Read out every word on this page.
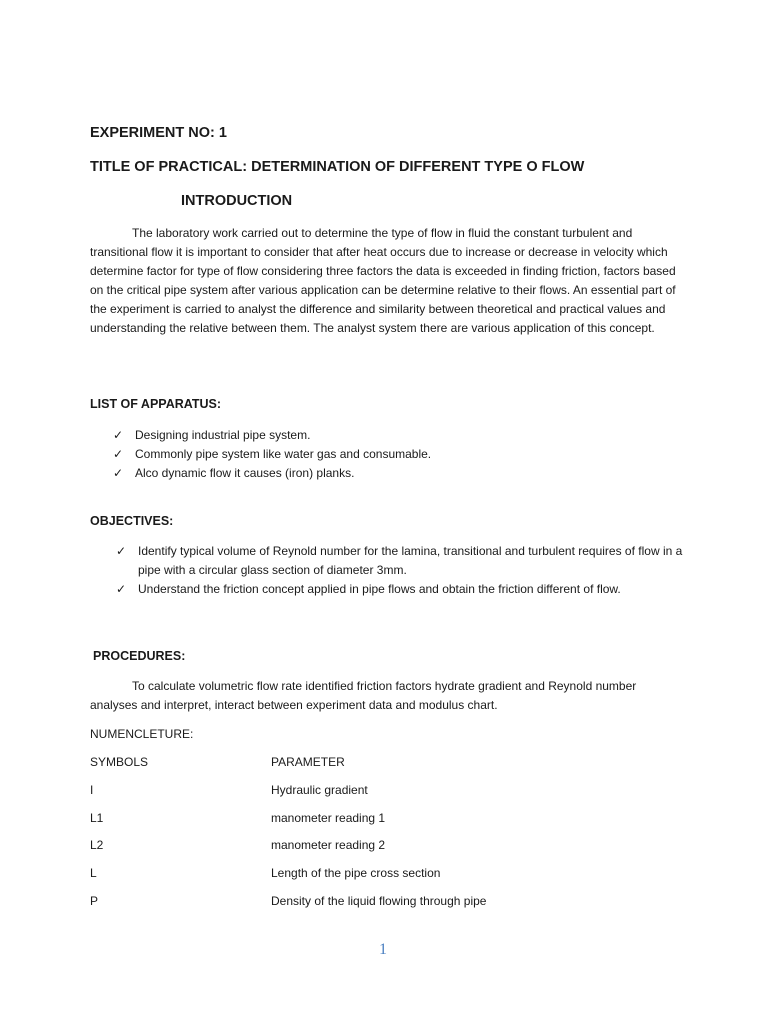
EXPERIMENT NO: 1
TITLE OF PRACTICAL: DETERMINATION OF DIFFERENT TYPE O FLOW
INTRODUCTION
The laboratory work carried out to determine the type of flow in fluid the constant turbulent and transitional flow it is important to consider that after heat occurs due to increase or decrease in velocity which determine factor for type of flow considering three factors the data is exceeded in finding friction, factors based on the critical pipe system after various application can be determine relative to their flows. An essential part of the experiment is carried to analyst the difference and similarity between theoretical and practical values and understanding the relative between them. The analyst system there are various application of this concept.
LIST OF APPARATUS:
✓ Designing industrial pipe system.
✓ Commonly pipe system like water gas and consumable.
✓ Alco dynamic flow it causes (iron) planks.
OBJECTIVES:
✓ Identify typical volume of Reynold number for the lamina, transitional and turbulent requires of flow in a pipe with a circular glass section of diameter 3mm.
✓ Understand the friction concept applied in pipe flows and obtain the friction different of flow.
PROCEDURES:
To calculate volumetric flow rate identified friction factors hydrate gradient and Reynold number analyses and interpret, interact between experiment data and modulus chart.
NUMENCLETURE:
SYMBOLS	PARAMETER
I	Hydraulic gradient
L1	manometer reading 1
L2	manometer reading 2
L	Length of the pipe cross section
P	Density of the liquid flowing through pipe
1
